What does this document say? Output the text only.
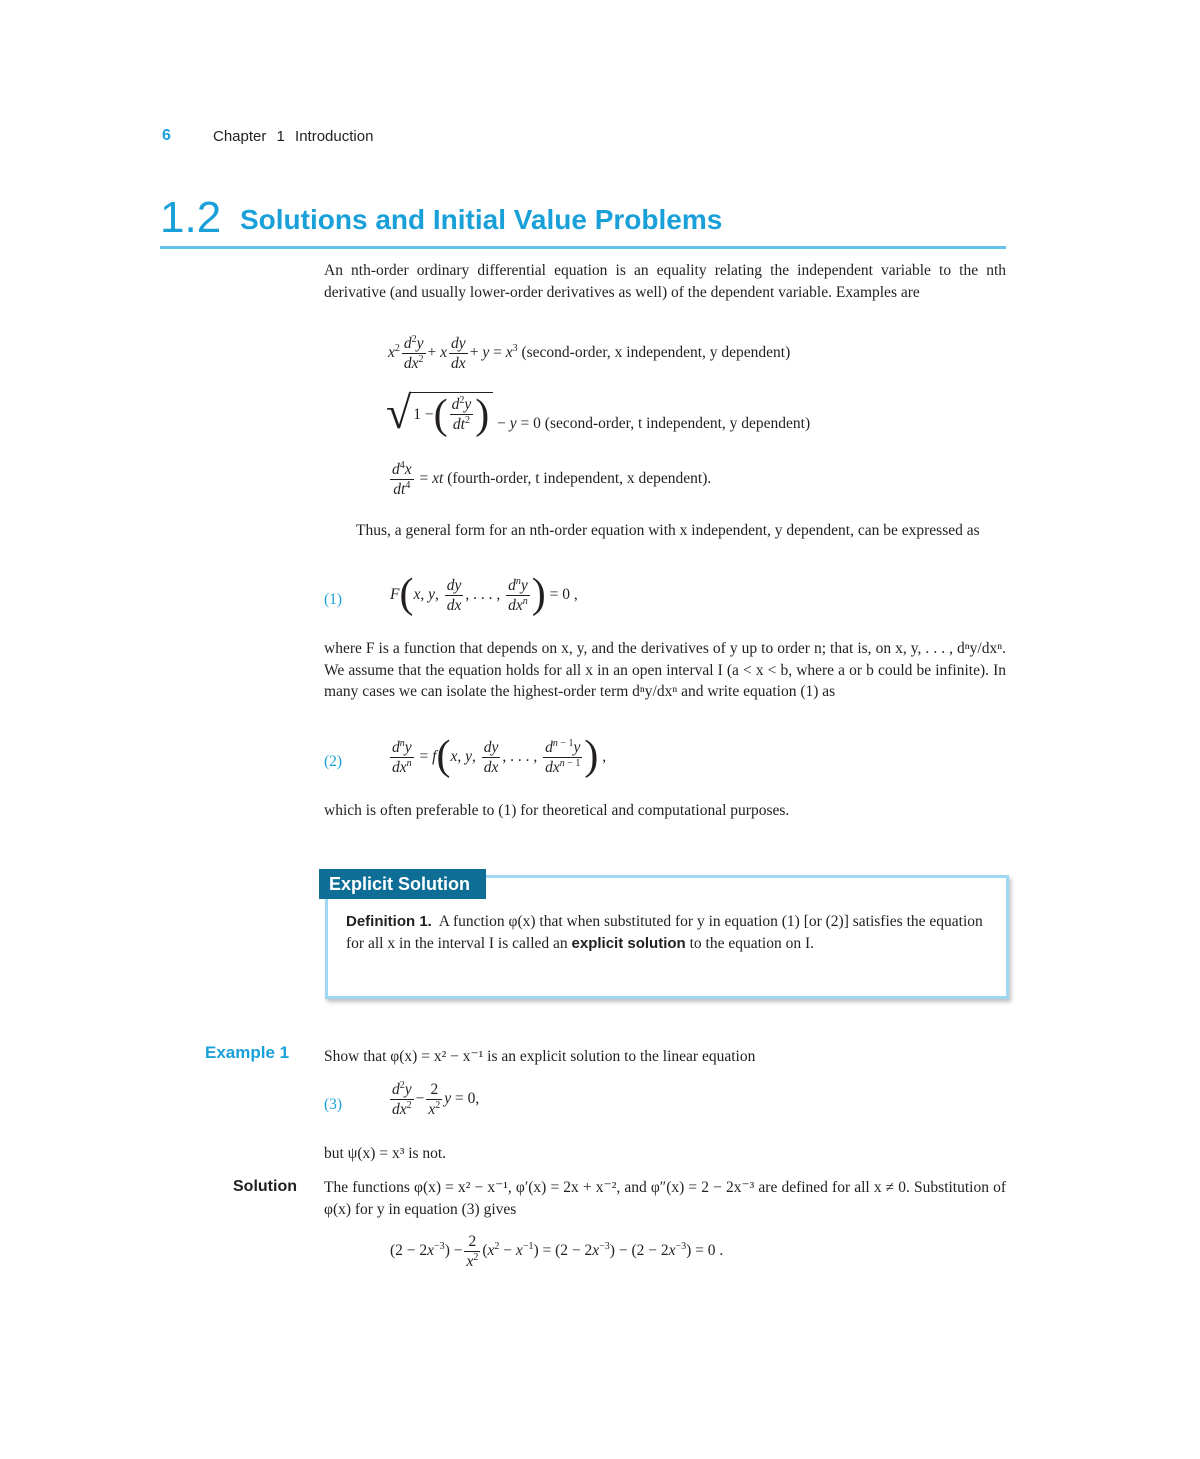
6	Chapter 1 Introduction
1.2 Solutions and Initial Value Problems
An nth-order ordinary differential equation is an equality relating the independent variable to the nth derivative (and usually lower-order derivatives as well) of the dependent variable. Examples are
$x^2 \frac{d^2y}{dx^2} + x \frac{dy}{dx} + y = x^3$ (second-order, x independent, y dependent)
√ 1 − ( $\frac{d^2y}{dt^2}$ ) − y = 0 (second-order, t independent, y dependent)
$\frac{d^4x}{dt^4}$ = xt (fourth-order, t independent, x dependent).
Thus, a general form for an nth-order equation with x independent, y dependent, can be expressed as
(1)	F(x, y, $\frac{dy}{dx}$ , . . . , $\frac{d^ny}{dx^n}$ ) = 0 ,
where F is a function that depends on x, y, and the derivatives of y up to order n; that is, on x, y, . . . , dⁿy/dxⁿ. We assume that the equation holds for all x in an open interval I (a < x < b, where a or b could be infinite). In many cases we can isolate the highest-order term dⁿy/dxⁿ and write equation (1) as
(2)	$\frac{d^ny}{dx^n} = f(x$, y, $\frac{dy}{dx}$ , . . . , $\frac{d^{n - 1}y}{dx^{n - 1}}$ ) ,
which is often preferable to (1) for theoretical and computational purposes.
Definition 1. A function φ(x) that when substituted for y in equation (1) [or (2)] satisfies the equation for all x in the interval I is called an explicit solution to the equation on I.
Explicit Solution
Example 1 Show that φ(x) = x² − x⁻¹ is an explicit solution to the linear equation
(3)	$\frac{d^2y}{dx^2} - \frac{2}{x^2}$ y = 0,
but ψ(x) = x³ is not.
Solution The functions φ(x) = x² − x⁻¹, φ′(x) = 2x + x⁻², and φ″(x) = 2 − 2x⁻³ are defined for all x ≠ 0. Substitution of φ(x) for y in equation (3) gives
$(2 - 2x^{-3}) - \frac{2}{x^2} (x^2 - x^{-1}) = (2 - 2x^{-3}) - (2 - 2x^{-3}) = 0$ .
